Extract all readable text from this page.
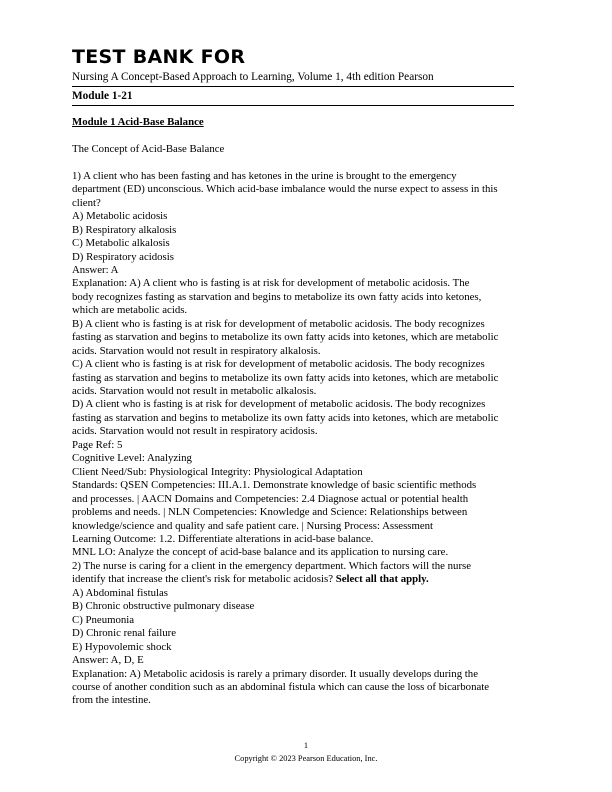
TEST BANK FOR
Nursing A Concept-Based Approach to Learning, Volume 1, 4th edition Pearson
Module 1-21

Module 1 Acid-Base Balance

The Concept of Acid-Base Balance

1) A client who has been fasting and has ketones in the urine is brought to the emergency

department (ED) unconscious. Which acid-base imbalance would the nurse expect to assess in this

client?

A) Metabolic acidosis

B) Respiratory alkalosis

C) Metabolic alkalosis

D) Respiratory acidosis

Answer: A

Explanation: A) A client who is fasting is at risk for development of metabolic acidosis. The

body recognizes fasting as starvation and begins to metabolize its own fatty acids into ketones,

which are metabolic acids.

B) A client who is fasting is at risk for development of metabolic acidosis. The body recognizes

fasting as starvation and begins to metabolize its own fatty acids into ketones, which are metabolic

acids. Starvation would not result in respiratory alkalosis.

C) A client who is fasting is at risk for development of metabolic acidosis. The body recognizes

fasting as starvation and begins to metabolize its own fatty acids into ketones, which are metabolic

acids. Starvation would not result in metabolic alkalosis.

D) A client who is fasting is at risk for development of metabolic acidosis. The body recognizes

fasting as starvation and begins to metabolize its own fatty acids into ketones, which are metabolic

acids. Starvation would not result in respiratory acidosis.

Page Ref: 5

Cognitive Level: Analyzing

Client Need/Sub: Physiological Integrity: Physiological Adaptation

Standards: QSEN Competencies: III.A.1. Demonstrate knowledge of basic scientific methods

and processes. | AACN Domains and Competencies: 2.4 Diagnose actual or potential health

problems and needs. | NLN Competencies: Knowledge and Science: Relationships between

knowledge/science and quality and safe patient care. | Nursing Process: Assessment

Learning Outcome: 1.2. Differentiate alterations in acid-base balance.

MNL LO: Analyze the concept of acid-base balance and its application to nursing care.

2) The nurse is caring for a client in the emergency department. Which factors will the nurse

identify that increase the client's risk for metabolic acidosis? Select all that apply.

A) Abdominal fistulas

B) Chronic obstructive pulmonary disease

C) Pneumonia

D) Chronic renal failure

E) Hypovolemic shock

Answer: A, D, E

Explanation: A) Metabolic acidosis is rarely a primary disorder. It usually develops during the

course of another condition such as an abdominal fistula which can cause the loss of bicarbonate

from the intestine.

1
Copyright © 2023 Pearson Education, Inc.
